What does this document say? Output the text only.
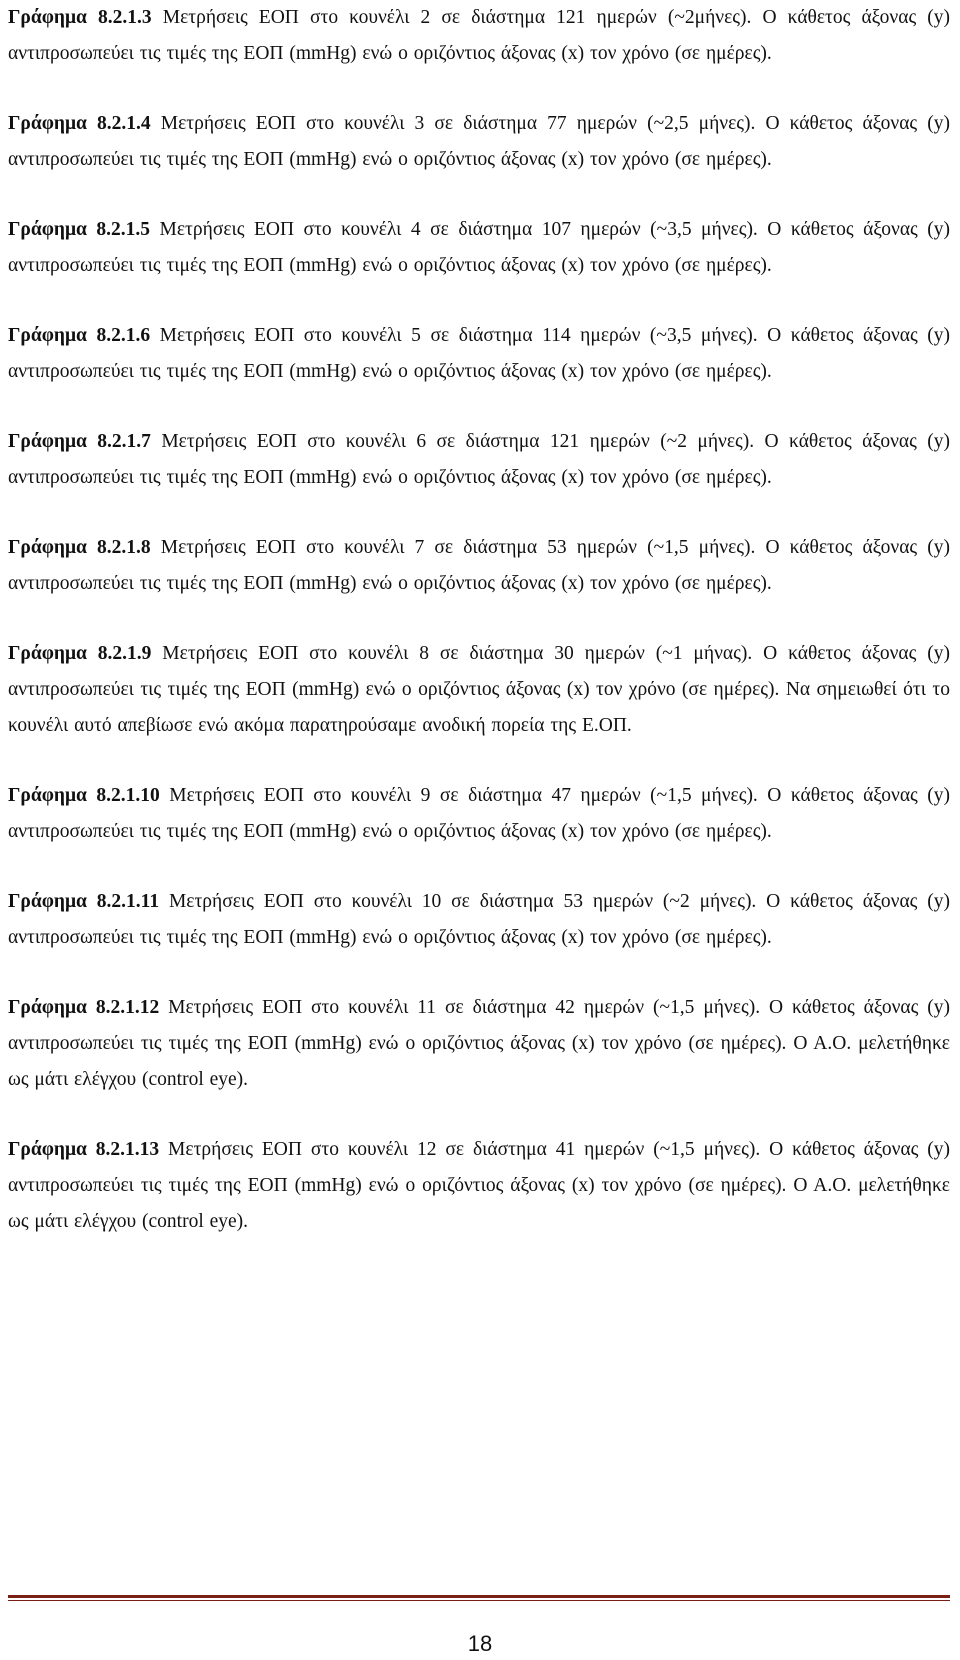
Γράφημα 8.2.1.3 Μετρήσεις ΕΟΠ στο κουνέλι 2 σε διάστημα 121 ημερών (~2μήνες). Ο κάθετος άξονας (y) αντιπροσωπεύει τις τιμές της ΕΟΠ (mmHg) ενώ ο οριζόντιος άξονας (x) τον χρόνο (σε ημέρες).

Γράφημα 8.2.1.4 Μετρήσεις ΕΟΠ στο κουνέλι 3 σε διάστημα 77 ημερών (~2,5 μήνες). Ο κάθετος άξονας (y) αντιπροσωπεύει τις τιμές της ΕΟΠ (mmHg) ενώ ο οριζόντιος άξονας (x) τον χρόνο (σε ημέρες).

Γράφημα 8.2.1.5 Μετρήσεις ΕΟΠ στο κουνέλι 4 σε διάστημα 107 ημερών (~3,5 μήνες). Ο κάθετος άξονας (y) αντιπροσωπεύει τις τιμές της ΕΟΠ (mmHg) ενώ ο οριζόντιος άξονας (x) τον χρόνο (σε ημέρες).

Γράφημα 8.2.1.6 Μετρήσεις ΕΟΠ στο κουνέλι 5 σε διάστημα 114 ημερών (~3,5 μήνες). Ο κάθετος άξονας (y) αντιπροσωπεύει τις τιμές της ΕΟΠ (mmHg) ενώ ο οριζόντιος άξονας (x) τον χρόνο (σε ημέρες).

Γράφημα 8.2.1.7 Μετρήσεις ΕΟΠ στο κουνέλι 6 σε διάστημα 121 ημερών (~2 μήνες). Ο κάθετος άξονας (y) αντιπροσωπεύει τις τιμές της ΕΟΠ (mmHg) ενώ ο οριζόντιος άξονας (x) τον χρόνο (σε ημέρες).

Γράφημα 8.2.1.8 Μετρήσεις ΕΟΠ στο κουνέλι 7 σε διάστημα 53 ημερών (~1,5 μήνες). Ο κάθετος άξονας (y) αντιπροσωπεύει τις τιμές της ΕΟΠ (mmHg) ενώ ο οριζόντιος άξονας (x) τον χρόνο (σε ημέρες).

Γράφημα 8.2.1.9 Μετρήσεις ΕΟΠ στο κουνέλι 8 σε διάστημα 30 ημερών (~1 μήνας). Ο κάθετος άξονας (y) αντιπροσωπεύει τις τιμές της ΕΟΠ (mmHg) ενώ ο οριζόντιος άξονας (x) τον χρόνο (σε ημέρες). Να σημειωθεί ότι το κουνέλι αυτό απεβίωσε ενώ ακόμα παρατηρούσαμε ανοδική πορεία της Ε.ΟΠ.

Γράφημα 8.2.1.10 Μετρήσεις ΕΟΠ στο κουνέλι 9 σε διάστημα 47 ημερών (~1,5 μήνες). Ο κάθετος άξονας (y) αντιπροσωπεύει τις τιμές της ΕΟΠ (mmHg) ενώ ο οριζόντιος άξονας (x) τον χρόνο (σε ημέρες).

Γράφημα 8.2.1.11 Μετρήσεις ΕΟΠ στο κουνέλι 10 σε διάστημα 53 ημερών (~2 μήνες). Ο κάθετος άξονας (y) αντιπροσωπεύει τις τιμές της ΕΟΠ (mmHg) ενώ ο οριζόντιος άξονας (x) τον χρόνο (σε ημέρες).

Γράφημα 8.2.1.12 Μετρήσεις ΕΟΠ στο κουνέλι 11 σε διάστημα 42 ημερών (~1,5 μήνες). Ο κάθετος άξονας (y) αντιπροσωπεύει τις τιμές της ΕΟΠ (mmHg) ενώ ο οριζόντιος άξονας (x) τον χρόνο (σε ημέρες). Ο Α.Ο. μελετήθηκε ως μάτι ελέγχου (control eye).

Γράφημα 8.2.1.13 Μετρήσεις ΕΟΠ στο κουνέλι 12 σε διάστημα 41 ημερών (~1,5 μήνες). Ο κάθετος άξονας (y) αντιπροσωπεύει τις τιμές της ΕΟΠ (mmHg) ενώ ο οριζόντιος άξονας (x) τον χρόνο (σε ημέρες). Ο Α.Ο. μελετήθηκε ως μάτι ελέγχου (control eye).

18
